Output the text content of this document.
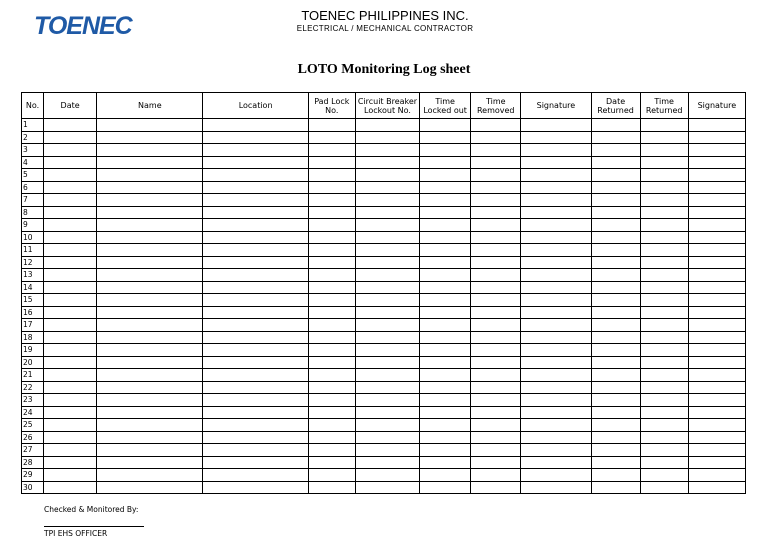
TOENEC	TOENEC PHILIPPINES INC.
ELECTRICAL / MECHANICAL CONTRACTOR
LOTO Monitoring Log sheet
No.	Date	Name	Location	Pad Lock No.	Circuit Breaker Lockout No.	Time Locked out	Time Removed	Signature	Date Returned	Time Returned	Signature
1											
2											
3											
4											
5											
6											
7											
8											
9											
10											
11											
12											
13											
14											
15											
16											
17											
18											
19											
20											
21											
22											
23											
24											
25											
26											
27											
28											
29											
30											
Checked & Monitored By:
TPI EHS OFFICER
